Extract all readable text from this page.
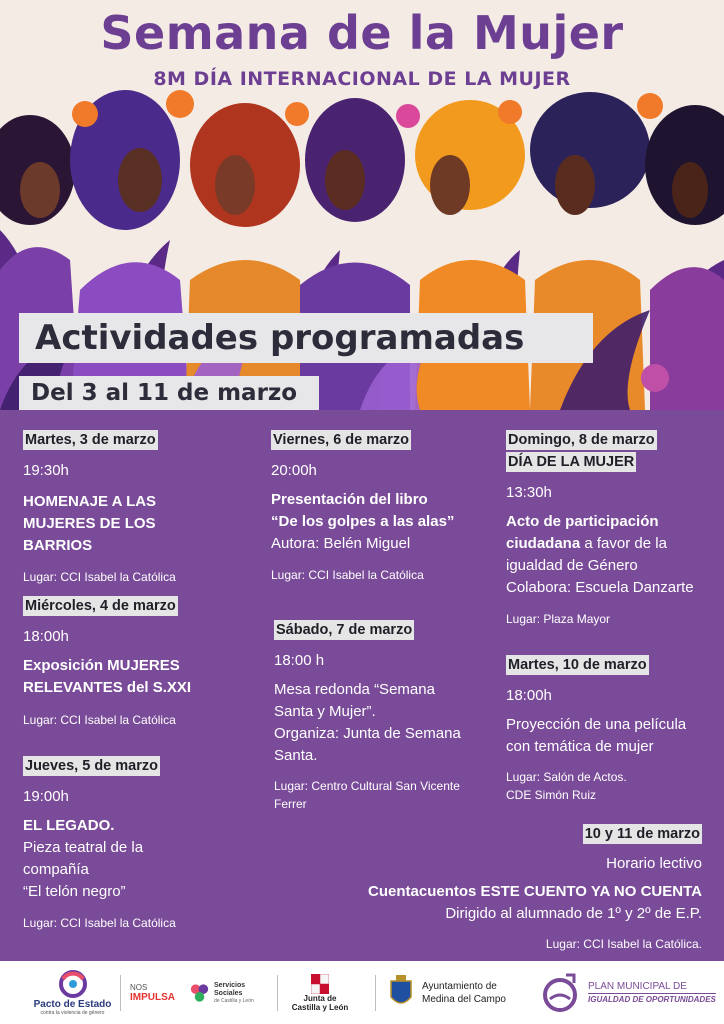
Semana de la Mujer
8M DÍA INTERNACIONAL DE LA MUJER
Actividades programadas
Del 3 al 11 de marzo
Martes, 3 de marzo
19:30h
HOMENAJE A LAS
MUJERES DE LOS
BARRIOS
Lugar: CCI Isabel la Católica
Miércoles, 4 de marzo
18:00h
Exposición MUJERES
RELEVANTES del S.XXI
Lugar: CCI Isabel la Católica
Jueves, 5 de marzo
19:00h
EL LEGADO.
Pieza teatral de la
compañía
“El telón negro”
Lugar: CCI Isabel la Católica
Viernes, 6 de marzo
20:00h
Presentación del libro
“De los golpes a las alas”
Autora: Belén Miguel
Lugar: CCI Isabel la Católica
Sábado, 7 de marzo
18:00 h
Mesa redonda “Semana
Santa y Mujer”.
Organiza: Junta de Semana
Santa.
Lugar: Centro Cultural San Vicente
Ferrer
Domingo, 8 de marzo DÍA DE LA MUJER
13:30h
Acto de participación
ciudadana a favor de la
igualdad de Género
Colabora: Escuela Danzarte
Lugar: Plaza Mayor
Martes, 10 de marzo
18:00h
Proyección de una película
con temática de mujer
Lugar: Salón de Actos.
CDE Simón Ruiz
10 y 11 de marzo
Horario lectivo
Cuentacuentos ESTE CUENTO YA NO CUENTA
Dirigido al alumnado de 1º y 2º de E.P.
Lugar: CCI Isabel la Católica.
Pacto de Estado
contra la violencia de género
NOS
IMPULSA
Servicios Sociales
de Castilla y León	Junta de
Castilla y León
Ayuntamiento de
Medina del Campo
PLAN MUNICIPAL DE
IGUALDAD DE OPORTUNIDADES
